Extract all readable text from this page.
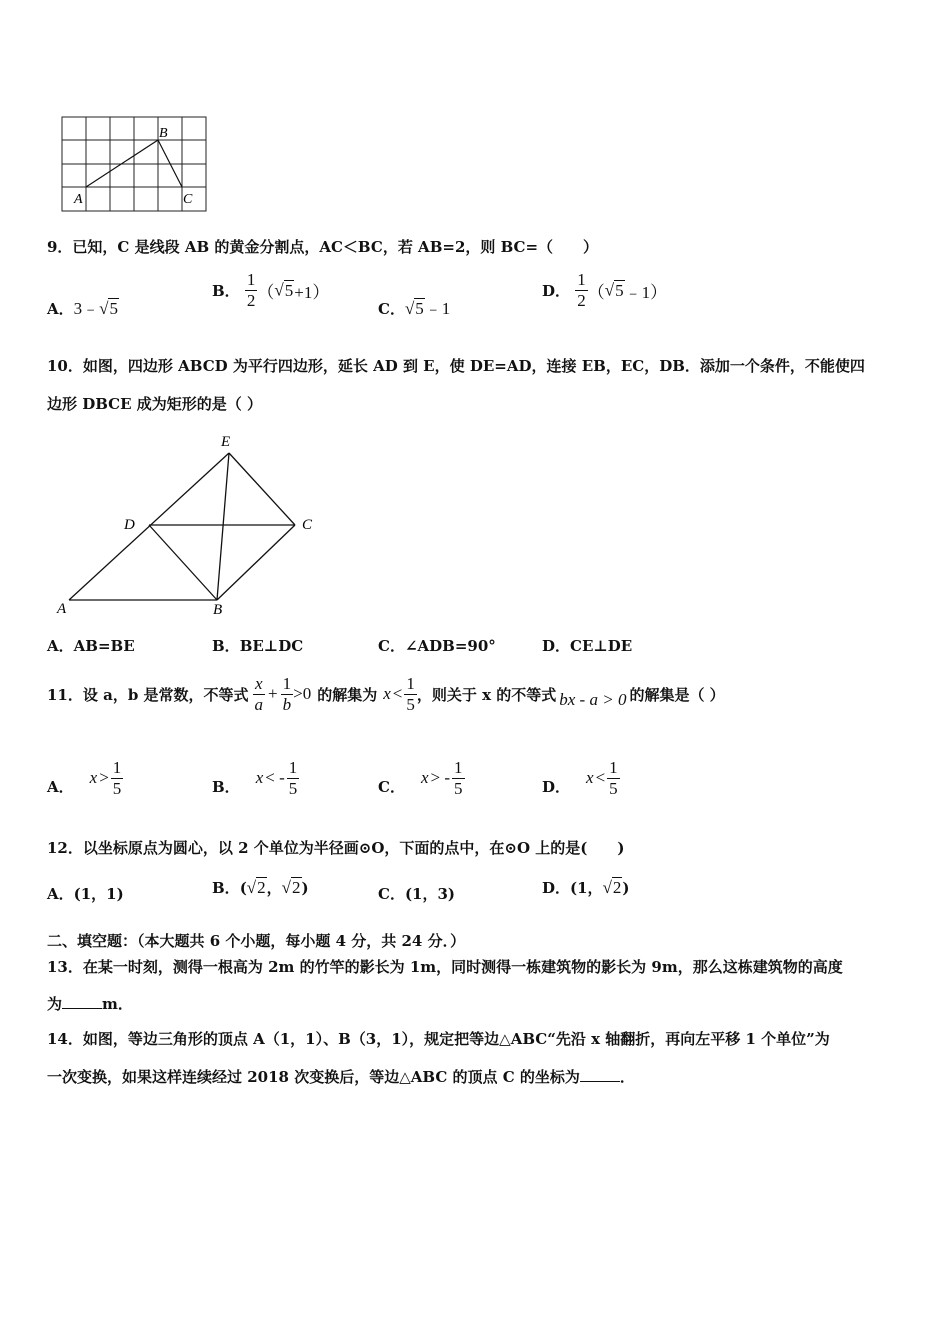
A
B
C
9．已知，C 是线段 AB 的黄金分割点，AC＜BC，若 AB=2，则 BC=（　　）
A．3﹣√5
B． $\frac{1}{2} (√5+1)$
C．√5﹣1
D． $\frac{1}{2}$ （√5﹣1）
10．如图，四边形 ABCD 为平行四边形，延长 AD 到 E，使 DE=AD，连接 EB，EC，DB．添加一个条件，不能使四
边形 DBCE 成为矩形的是（ ）
A	B
C
D
E
A．AB=BE	B．BE⊥DC	C．∠ADB=90°	D．CE⊥DE
11．设 a，b 是常数，不等式 $\frac{x}{a} + \frac{1}{b} >0$ 的解集为 $x < \frac{1}{5}$ ，则关于 x 的不等式 bx - a > 0 的解集是（ ）
A． $x > \frac{1}{5}$	B． x < - $\frac{1}{5}$	C． x > - $\frac{1}{5}$	D． $x < \frac{1}{5}$
12．以坐标原点为圆心，以 2 个单位为半径画⊙O，下面的点中，在⊙O 上的是(　　)
A．(1，1)	B．(√2，√2)	C．(1，3)	D．(1，√2)
二、填空题：（本大题共 6 个小题，每小题 4 分，共 24 分．）
13．在某一时刻，测得一根高为 2m 的竹竿的影长为 1m，同时测得一栋建筑物的影长为 9m，那么这栋建筑物的高度
为	m．
14．如图，等边三角形的顶点 A（1，1）、B（3，1），规定把等边△ABC“先沿 x 轴翻折，再向左平移 1 个单位”为
一次变换，如果这样连续经过 2018 次变换后，等边△ABC 的顶点 C 的坐标为	．
